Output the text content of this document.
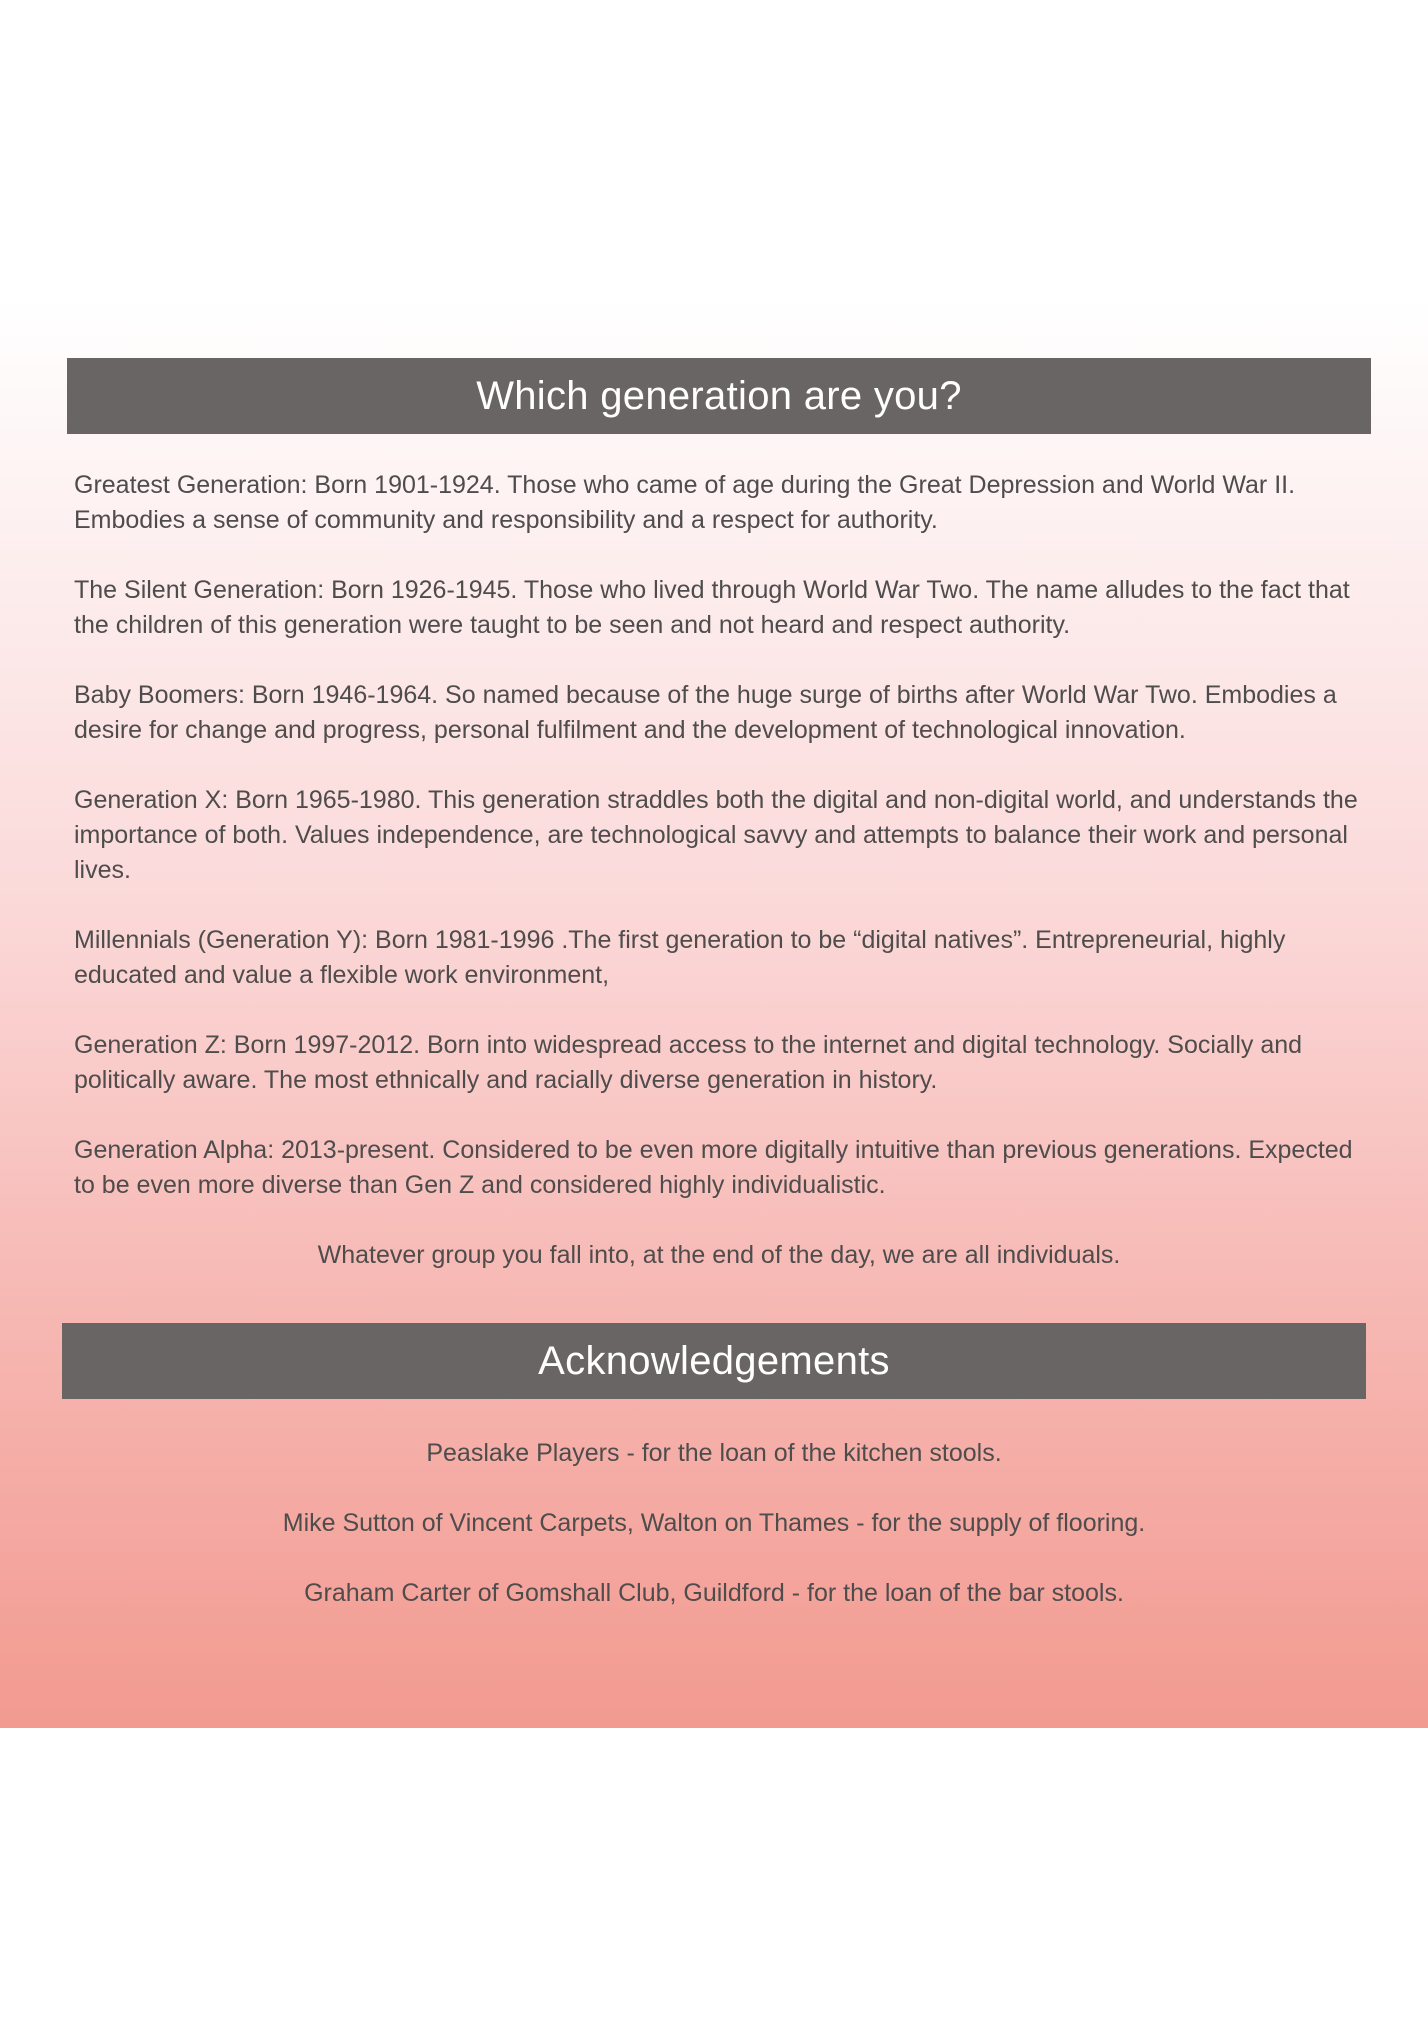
Which generation are you?

Greatest Generation: Born 1901-1924. Those who came of age during the Great Depression and World War II. Embodies a sense of community and responsibility and a respect for authority.

The Silent Generation: Born 1926-1945. Those who lived through World War Two. The name alludes to the fact that the children of this generation were taught to be seen and not heard and respect authority.

Baby Boomers: Born 1946-1964. So named because of the huge surge of births after World War Two. Embodies a desire for change and progress, personal fulfilment and the development of technological innovation.

Generation X: Born 1965-1980. This generation straddles both the digital and non-digital world, and understands the importance of both. Values independence, are technological savvy and attempts to balance their work and personal lives.

Millennials (Generation Y): Born 1981-1996 .The first generation to be “digital natives”. Entrepreneurial, highly educated and value a flexible work environment,

Generation Z: Born 1997-2012. Born into widespread access to the internet and digital technology. Socially and politically aware. The most ethnically and racially diverse generation in history.

Generation Alpha: 2013-present. Considered to be even more digitally intuitive than previous generations. Expected to be even more diverse than Gen Z and considered highly individualistic.

Whatever group you fall into, at the end of the day, we are all individuals.
Acknowledgements

Peaslake Players - for the loan of the kitchen stools.

Mike Sutton of Vincent Carpets, Walton on Thames - for the supply of flooring.

Graham Carter of Gomshall Club, Guildford - for the loan of the bar stools.
